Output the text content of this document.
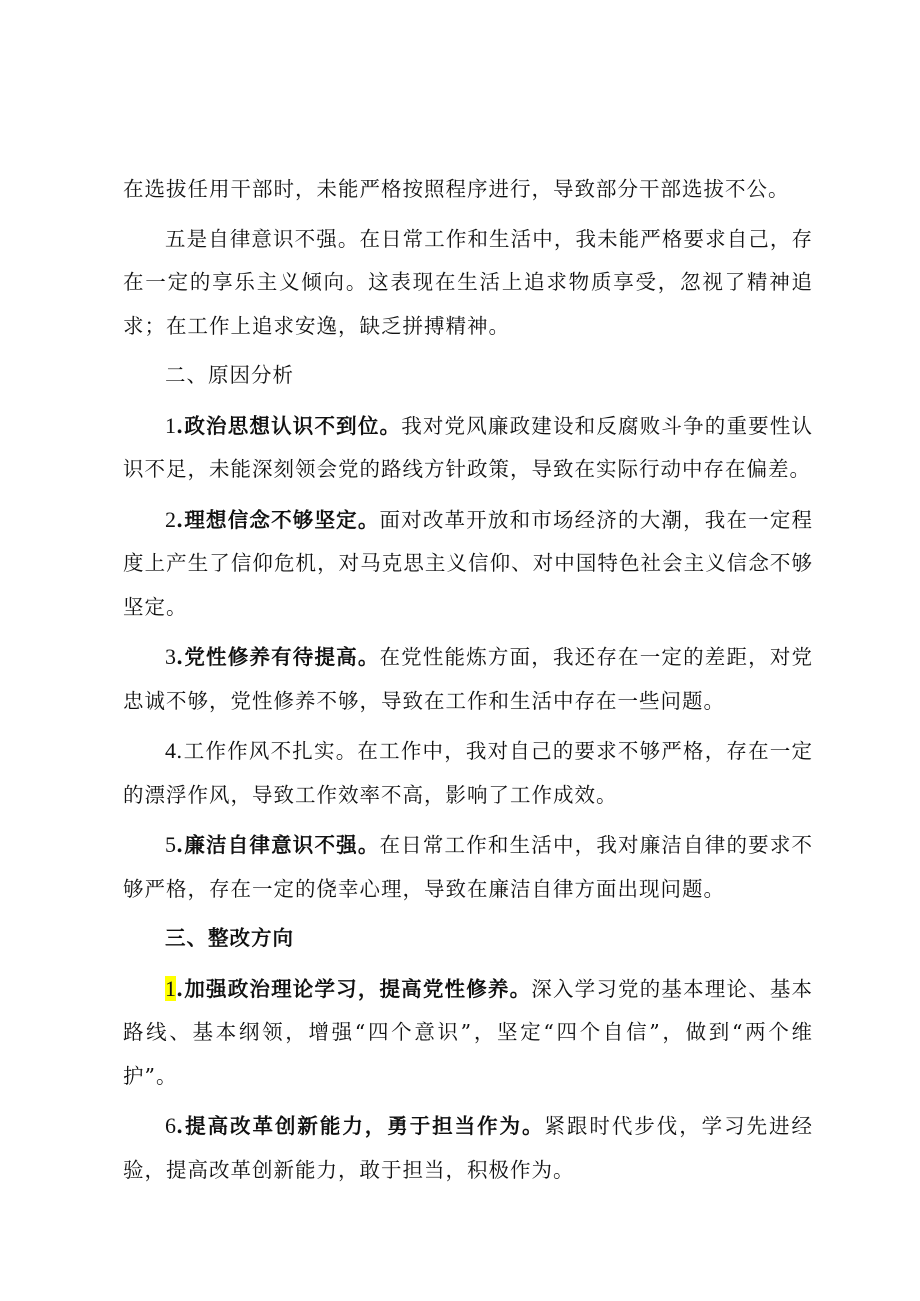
在选拔任用干部时，未能严格按照程序进行，导致部分干部选拔不公。

五是自律意识不强。在日常工作和生活中，我未能严格要求自己，存在一定的享乐主义倾向。这表现在生活上追求物质享受，忽视了精神追求；在工作上追求安逸，缺乏拼搏精神。

二、原因分析

1.政治思想认识不到位。我对党风廉政建设和反腐败斗争的重要性认识不足，未能深刻领会党的路线方针政策，导致在实际行动中存在偏差。

2.理想信念不够坚定。面对改革开放和市场经济的大潮，我在一定程度上产生了信仰危机，对马克思主义信仰、对中国特色社会主义信念不够坚定。

3.党性修养有待提高。在党性能炼方面，我还存在一定的差距，对党忠诚不够，党性修养不够，导致在工作和生活中存在一些问题。

4.工作作风不扎实。在工作中，我对自己的要求不够严格，存在一定的漂浮作风，导致工作效率不高，影响了工作成效。

5.廉洁自律意识不强。在日常工作和生活中，我对廉洁自律的要求不够严格，存在一定的侥幸心理，导致在廉洁自律方面出现问题。

三、整改方向

1.加强政治理论学习，提高党性修养。深入学习党的基本理论、基本路线、基本纲领，增强“四个意识”，坚定“四个自信”，做到“两个维护”。

6.提高改革创新能力，勇于担当作为。紧跟时代步伐，学习先进经验，提高改革创新能力，敢于担当，积极作为。
